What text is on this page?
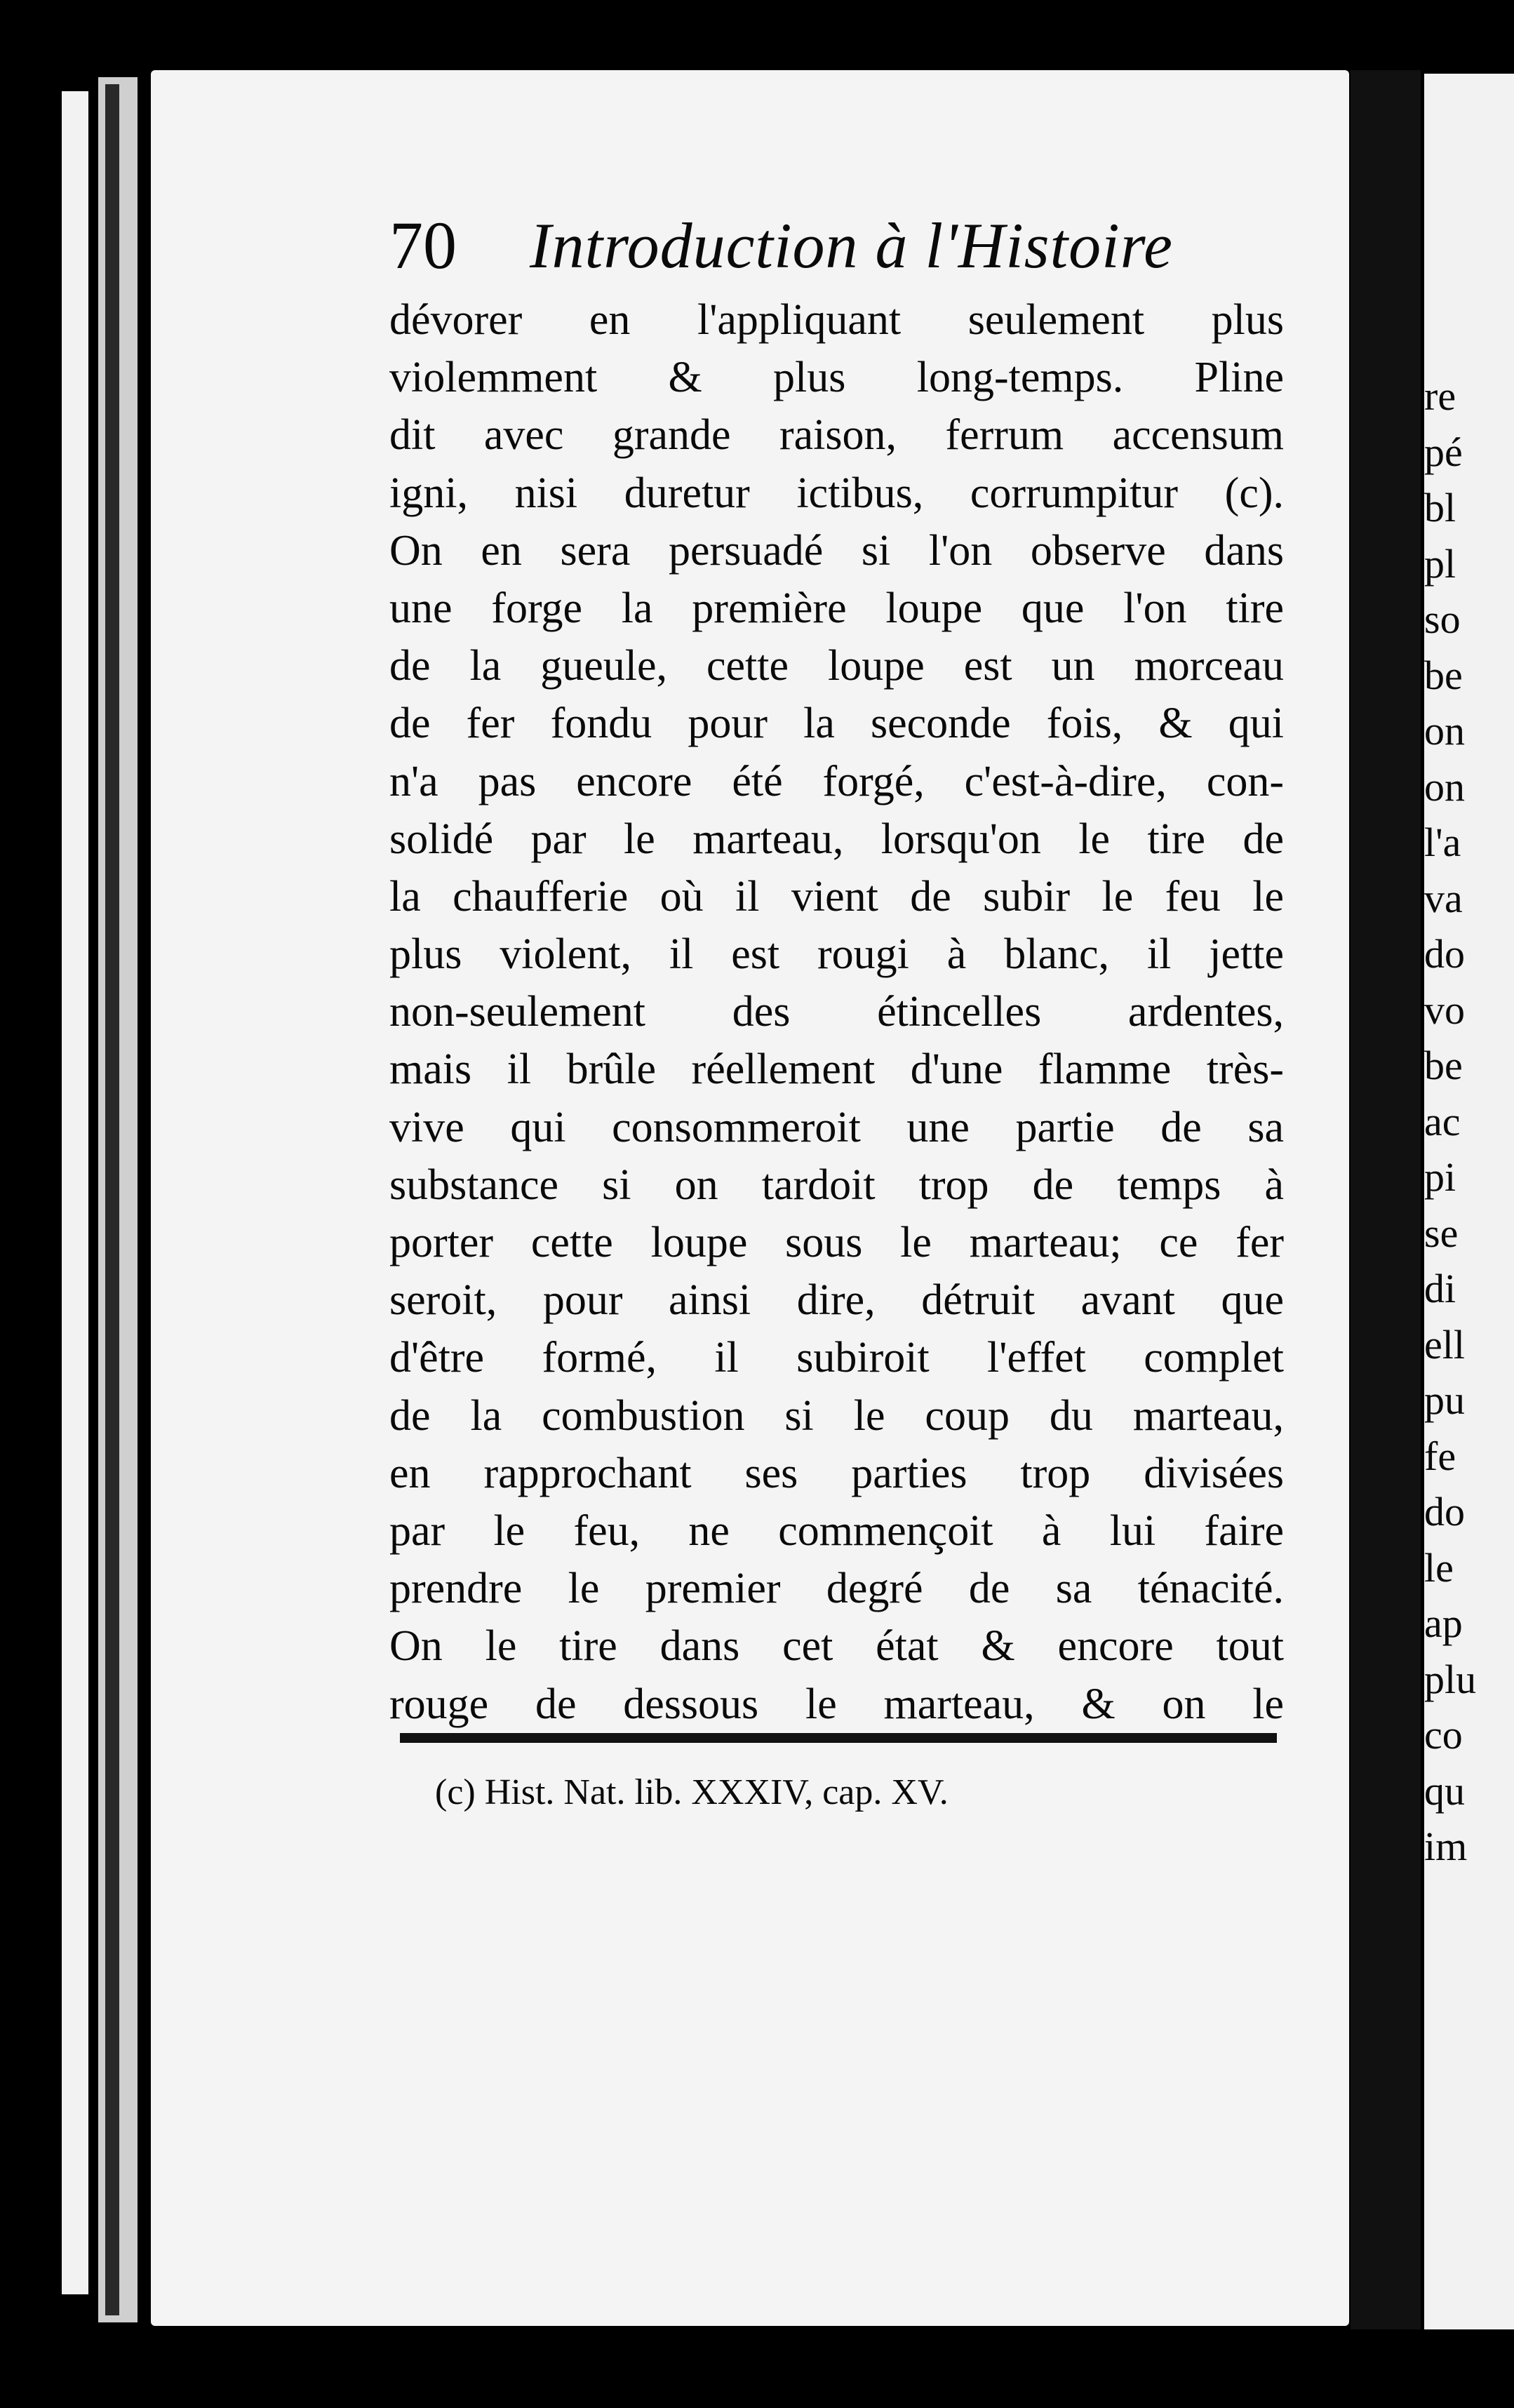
re
pé
bl
pl
so
be
on
on
l'a
va
do
vo
be
ac
pi
se
di
ell
pu
fe
do
le
ap
plu
co
qu
im
70 Introduction à l'Histoire
dévorer en l'appliquant seulement plus
violemment & plus long-temps. Pline
dit avec grande raison, ferrum accensum
igni, nisi duretur ictibus, corrumpitur (c).
On en sera persuadé si l'on observe dans
une forge la première loupe que l'on tire
de la gueule, cette loupe est un morceau
de fer fondu pour la seconde fois, & qui
n'a pas encore été forgé, c'est-à-dire, con-
solidé par le marteau, lorsqu'on le tire de
la chaufferie où il vient de subir le feu le
plus violent, il est rougi à blanc, il jette
non-seulement des étincelles ardentes,
mais il brûle réellement d'une flamme très-
vive qui consommeroit une partie de sa
substance si on tardoit trop de temps à
porter cette loupe sous le marteau; ce fer
seroit, pour ainsi dire, détruit avant que
d'être formé, il subiroit l'effet complet
de la combustion si le coup du marteau,
en rapprochant ses parties trop divisées
par le feu, ne commençoit à lui faire
prendre le premier degré de sa ténacité.
On le tire dans cet état & encore tout
rouge de dessous le marteau, & on le
(c) Hist. Nat. lib. XXXIV, cap. XV.
